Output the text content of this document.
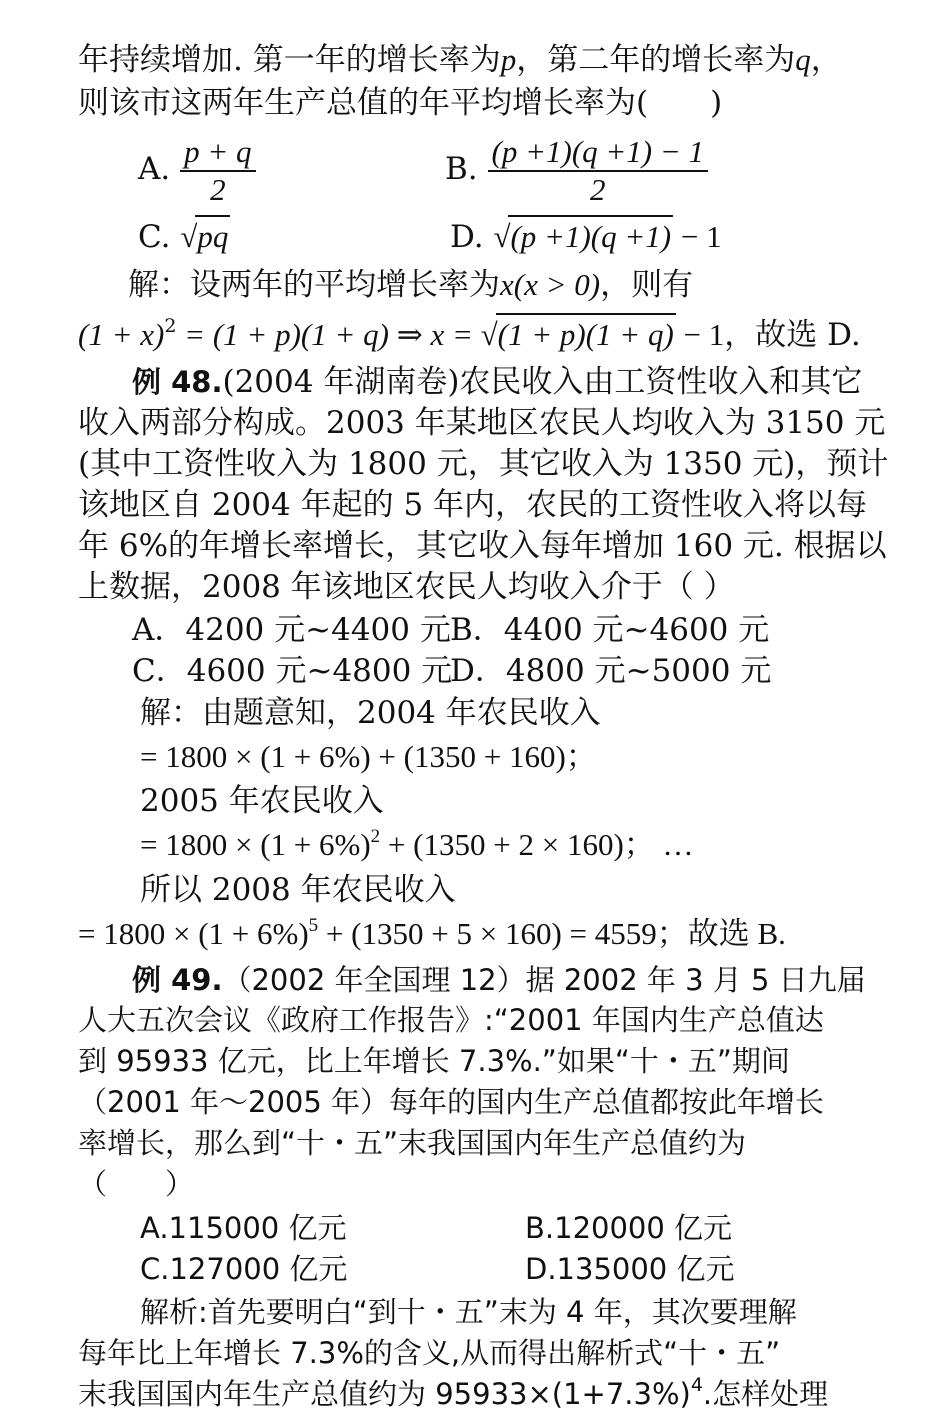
年持续增加. 第一年的增长率为p，第二年的增长率为q，
则该市这两年生产总值的年平均增长率为(　　)
A. $\frac{p + q}{2}$	B. $\frac{(p +1)(q +1) - 1}{2}$
C. √pq	D. √(p +1)(q +1) − 1
解：设两年的平均增长率为x(x > 0)，则有
$(1 + x)^2 = (1 + p)(1 + q)$ ⇒ x = √(1 + p)(1 + q) − 1，故选 D.
例 48.(2004 年湖南卷)农民收入由工资性收入和其它
收入两部分构成。2003 年某地区农民人均收入为 3150 元
(其中工资性收入为 1800 元，其它收入为 1350 元)，预计
该地区自 2004 年起的 5 年内，农民的工资性收入将以每
年 6%的年增长率增长，其它收入每年增加 160 元. 根据以
上数据，2008 年该地区农民人均收入介于（ ）
A．4200 元~4400 元 B．4400 元~4600 元
C．4600 元~4800 元
D．4800 元~5000 元
解：由题意知，2004 年农民收入
= 1800 × (1 + 6%) + (1350 + 160)；
2005 年农民收入
= $1800 \times (1 + 6\%)^2 + (1350 + 2 \times 160)$； …
所以 2008 年农民收入
= $1800 \times (1 + 6\%)^5 + (1350 + 5 \times 160) = 4559$；故选 B.
例 49.（2002 年全国理 12）据 2002 年 3 月 5 日九届
人大五次会议《政府工作报告》:“2001 年国内生产总值达
到 95933 亿元，比上年增长 7.3%.”如果“十・五”期间
（2001 年～2005 年）每年的国内生产总值都按此年增长
率增长，那么到“十・五”末我国国内年生产总值约为
（　　）
A.115000 亿元	B.120000 亿元
C.127000 亿元	D.135000 亿元
解析:首先要明白“到十・五”末为 4 年，其次要理解
每年比上年增长 7.3%的含义,从而得出解析式“十・五”
末我国国内年生产总值约为 $95933\times(1+7.3\%)^4$.怎样处理
